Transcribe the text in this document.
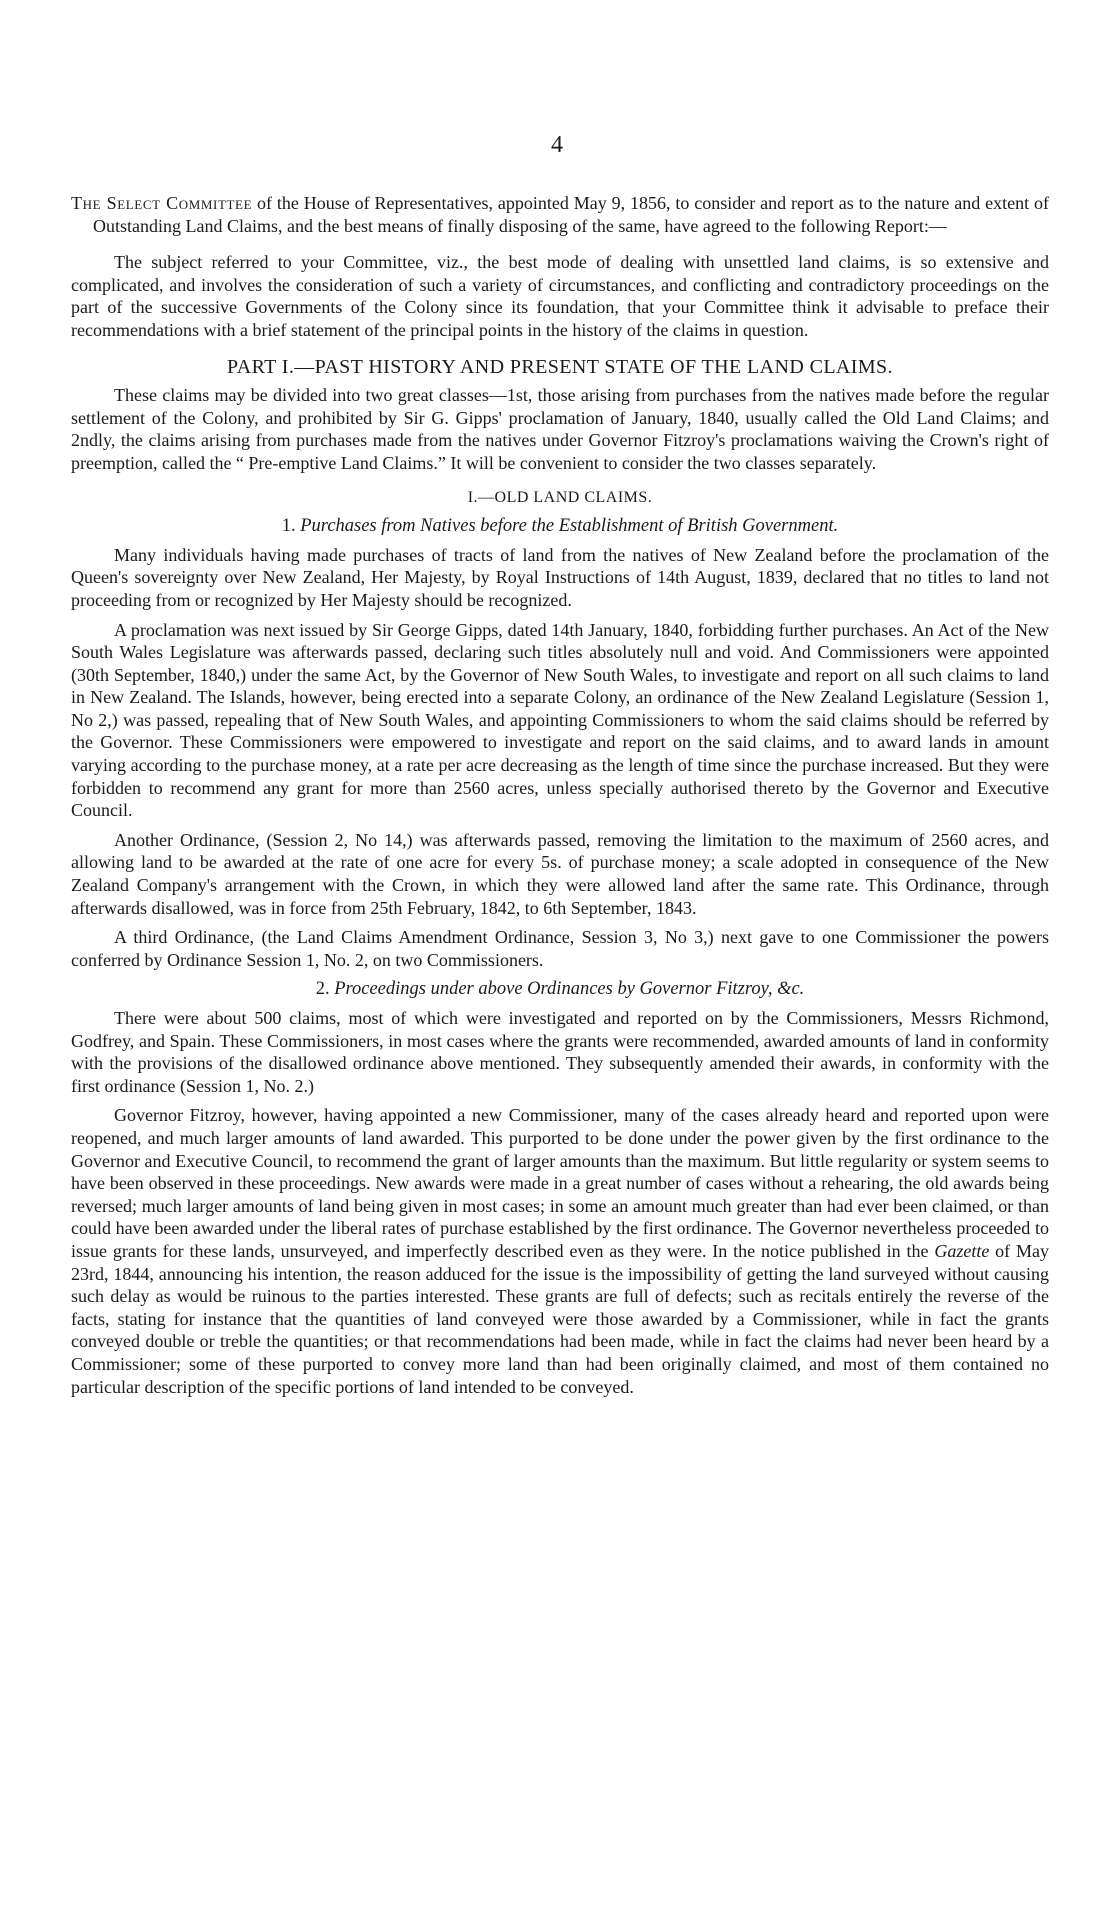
4

The Select Committee of the House of Representatives, appointed May 9, 1856, to consider and report as to the nature and extent of Outstanding Land Claims, and the best means of finally disposing of the same, have agreed to the following Report:—

The subject referred to your Committee, viz., the best mode of dealing with unsettled land claims, is so extensive and complicated, and involves the consideration of such a variety of circumstances, and conflicting and contradictory proceedings on the part of the successive Governments of the Colony since its foundation, that your Committee think it advisable to preface their recommendations with a brief statement of the principal points in the history of the claims in question.

PART I.—PAST HISTORY AND PRESENT STATE OF THE LAND CLAIMS.

These claims may be divided into two great classes—1st, those arising from purchases from the natives made before the regular settlement of the Colony, and prohibited by Sir G. Gipps' proclamation of January, 1840, usually called the Old Land Claims; and 2ndly, the claims arising from purchases made from the natives under Governor Fitzroy's proclamations waiving the Crown's right of preemption, called the “ Pre-emptive Land Claims.” It will be convenient to consider the two classes separately.

I.—OLD LAND CLAIMS.
1. Purchases from Natives before the Establishment of British Government.

Many individuals having made purchases of tracts of land from the natives of New Zealand before the proclamation of the Queen's sovereignty over New Zealand, Her Majesty, by Royal Instructions of 14th August, 1839, declared that no titles to land not proceeding from or recognized by Her Majesty should be recognized.

A proclamation was next issued by Sir George Gipps, dated 14th January, 1840, forbidding further purchases. An Act of the New South Wales Legislature was afterwards passed, declaring such titles absolutely null and void. And Commissioners were appointed (30th September, 1840,) under the same Act, by the Governor of New South Wales, to investigate and report on all such claims to land in New Zealand. The Islands, however, being erected into a separate Colony, an ordinance of the New Zealand Legislature (Session 1, No 2,) was passed, repealing that of New South Wales, and appointing Commissioners to whom the said claims should be referred by the Governor. These Commissioners were empowered to investigate and report on the said claims, and to award lands in amount varying according to the purchase money, at a rate per acre decreasing as the length of time since the purchase increased. But they were forbidden to recommend any grant for more than 2560 acres, unless specially authorised thereto by the Governor and Executive Council.

Another Ordinance, (Session 2, No 14,) was afterwards passed, removing the limitation to the maximum of 2560 acres, and allowing land to be awarded at the rate of one acre for every 5s. of purchase money; a scale adopted in consequence of the New Zealand Company's arrangement with the Crown, in which they were allowed land after the same rate. This Ordinance, through afterwards disallowed, was in force from 25th February, 1842, to 6th September, 1843.

A third Ordinance, (the Land Claims Amendment Ordinance, Session 3, No 3,) next gave to one Commissioner the powers conferred by Ordinance Session 1, No. 2, on two Commissioners.

2. Proceedings under above Ordinances by Governor Fitzroy, &c.

There were about 500 claims, most of which were investigated and reported on by the Commissioners, Messrs Richmond, Godfrey, and Spain. These Commissioners, in most cases where the grants were recommended, awarded amounts of land in conformity with the provisions of the disallowed ordinance above mentioned. They subsequently amended their awards, in conformity with the first ordinance (Session 1, No. 2.)

Governor Fitzroy, however, having appointed a new Commissioner, many of the cases already heard and reported upon were reopened, and much larger amounts of land awarded. This purported to be done under the power given by the first ordinance to the Governor and Executive Council, to recommend the grant of larger amounts than the maximum. But little regularity or system seems to have been observed in these proceedings. New awards were made in a great number of cases without a rehearing, the old awards being reversed; much larger amounts of land being given in most cases; in some an amount much greater than had ever been claimed, or than could have been awarded under the liberal rates of purchase established by the first ordinance. The Governor nevertheless proceeded to issue grants for these lands, unsurveyed, and imperfectly described even as they were. In the notice published in the Gazette of May 23rd, 1844, announcing his intention, the reason adduced for the issue is the impossibility of getting the land surveyed without causing such delay as would be ruinous to the parties interested. These grants are full of defects; such as recitals entirely the reverse of the facts, stating for instance that the quantities of land conveyed were those awarded by a Commissioner, while in fact the grants conveyed double or treble the quantities; or that recommendations had been made, while in fact the claims had never been heard by a Commissioner; some of these purported to convey more land than had been originally claimed, and most of them contained no particular description of the specific portions of land intended to be conveyed.
